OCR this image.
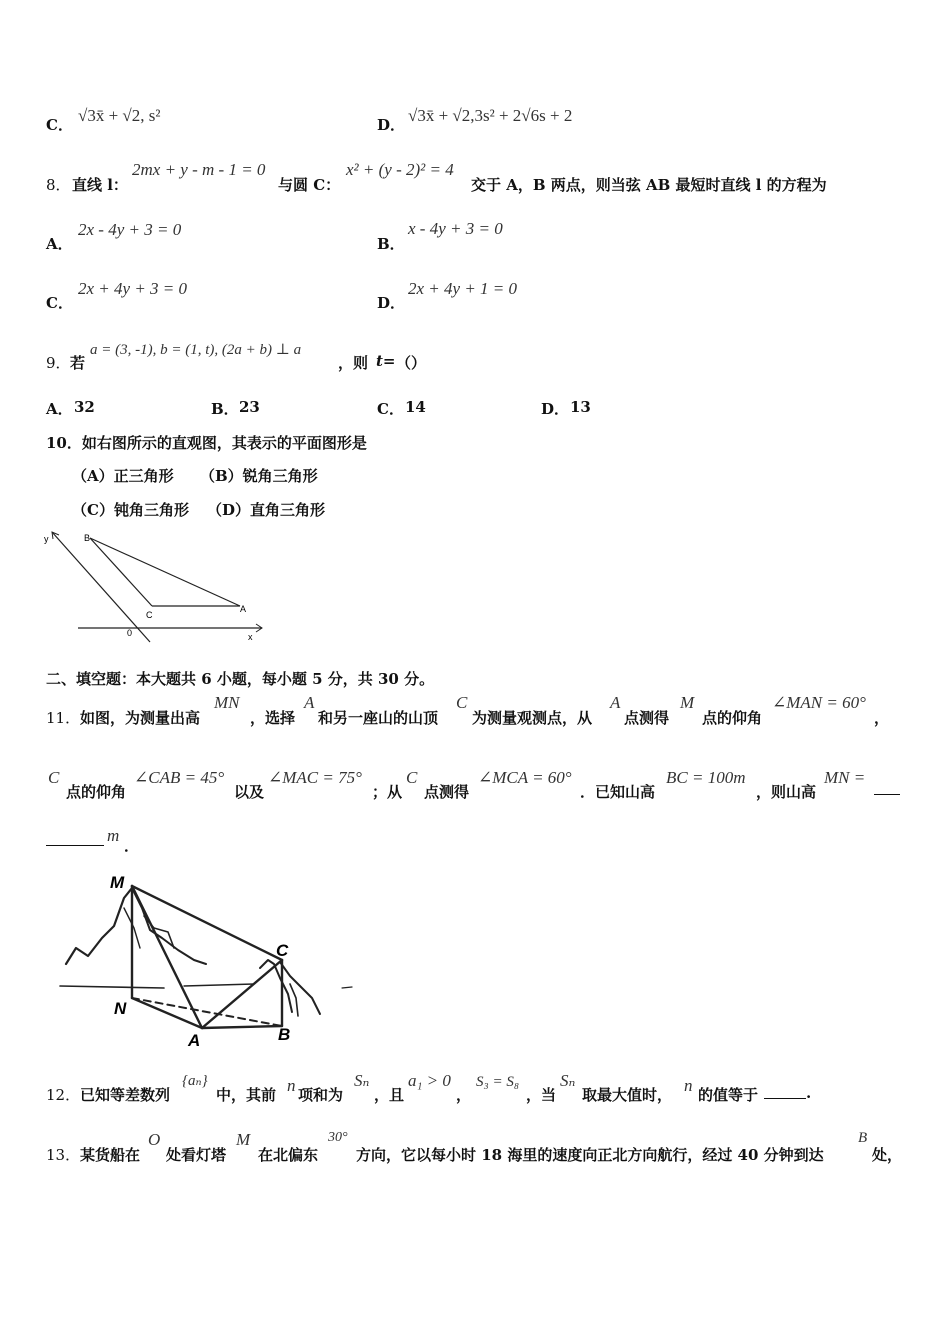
C． √3x̄ + √2, s²	D． √3x̄ + √2,3s² + 2√6s + 2
8． 直线 l：
2mx + y - m - 1 = 0
与圆 C：
x² + (y - 2)² = 4
交于 A，B 两点，则当弦 AB 最短时直线 l 的方程为
A．
2x - 4y + 3 = 0
B．
x - 4y + 3 = 0
C．
2x + 4y + 3 = 0
D．
2x + 4y + 1 = 0
9． 若
a = (3, -1), b = (1, t), (2a + b) ⊥ a
，则 t= （）
A． 32	B． 23	C． 14	D． 13
10．如右图所示的直观图，其表示的平面图形是
（A）正三角形 （B）锐角三角形
（C）钝角三角形 （D）直角三角形
y
x
0
B
C
A
二、填空题：本大题共 6 小题，每小题 5 分，共 30 分。
11． 如图，为测量出高
MN
，选择
A
和另一座山的山顶
C
为测量观测点，从
A
点测得
M
点的仰角
∠MAN = 60°
，
C
点的仰角
∠CAB = 45°
以及
∠MAC = 75°
；从
C
点测得
∠MCA = 60°
．已知山高
BC = 100m
，则山高
MN =
m
．
M
C
N
A	B
12． 已知等差数列
{aₙ}
中，其前 n 项和为
Sₙ
，且
a₁ > 0
，
S₃ = S₈
，当
Sₙ
取最大值时， n 的值等于	.
13． 某货船在
O
处看灯塔
M
在北偏东
30°
方向，它以每小时 18 海里的速度向正北方向航行，经过 40 分钟到达
B
处，
